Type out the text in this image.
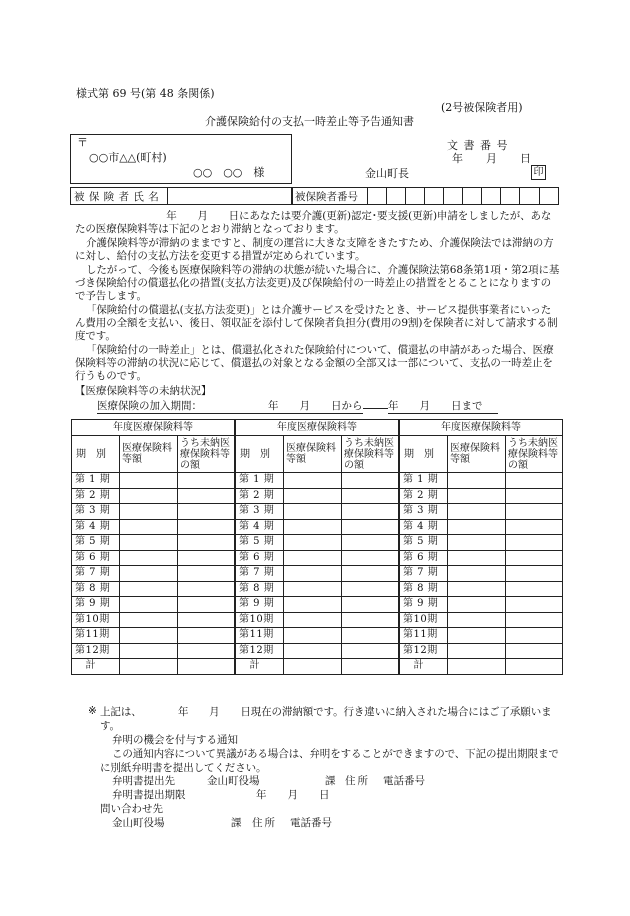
様式第 69 号(第 48 条関係)
(2号被保険者用)
介護保険給付の支払一時差止等予告通知書
〒
○○市△△(町村)
○○　○○　様
文 書 番 号
年 月 日
金山町長	印
被 保 険 者 氏 名	被保険者番号
　　　年　　月　　日にあなたは要介護(更新)認定･要支援(更新)申請をしましたが、あなたの医療保険料等は下記のとおり滞納となっております。
介護保険料等が滞納のままですと、制度の運営に大きな支障をきたすため、介護保険法では滞納の方に対し、給付の支払方法を変更する措置が定められています。
したがって、今後も医療保険料等の滞納の状態が続いた場合に、介護保険法第68条第1項・第2項に基づき保険給付の償還払化の措置(支払方法変更)及び保険給付の一時差止の措置をとることになりますので予告します。
「保険給付の償還払(支払方法変更)」とは介護サービスを受けたとき、サービス提供事業者にいったん費用の全額を支払い、後日、領収証を添付して保険者負担分(費用の9割)を保険者に対して請求する制度です。
「保険給付の一時差止」とは、償還払化された保険給付について、償還払の申請があった場合、医療保険料等の滞納の状況に応じて、償還払の対象となる金額の全部又は一部について、支払の一時差止を行うものです。
【医療保険料等の未納状況】
医療保険の加入期間：	年　　月　　日から 年　　月　　日まで
年度医療保険料等		
期　別	医療保険料等額	うち未納医療保険料等の額
第 1 期		
第 2 期		
第 3 期		
第 4 期		
第 5 期		
第 6 期		
第 7 期		
第 8 期		
第 9 期		
第10期		
第11期		
第12期		
計		
年度医療保険料等		
期　別	医療保険料等額	うち未納医療保険料等の額
第 1 期		
第 2 期		
第 3 期		
第 4 期		
第 5 期		
第 6 期		
第 7 期		
第 8 期		
第 9 期		
第10期		
第11期		
第12期		
計		
年度医療保険料等		
期　別	医療保険料等額	うち未納医療保険料等の額
第 1 期		
第 2 期		
第 3 期		
第 4 期		
第 5 期		
第 6 期		
第 7 期		
第 8 期		
第 9 期		
第10期		
第11期		
第12期		
計		
※ 上記は、　　　　年　　月　　日現在の滞納額です。行き違いに納入された場合にはご了承願います。
弁明の機会を付与する通知
この通知内容について異議がある場合は、弁明をすることができますので、下記の提出期限までに別紙弁明書を提出してください。
弁明書提出先	金山町役場	課 住所 電話番号
弁明書提出期限	年　　月　　日
問い合わせ先
金山町役場	課 住所 電話番号
